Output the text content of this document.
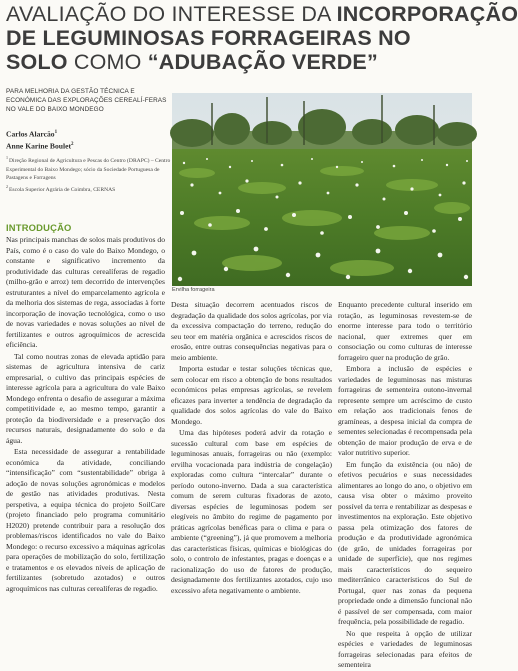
AVALIAÇÃO DO INTERESSE DA INCORPORAÇÃO
DE LEGUMINOSAS FORRAGEIRAS NO
SOLO COMO “ADUBAÇÃO VERDE”
PARA MELHORIA DA GESTÃO TÉCNICA E ECONÓMICA DAS EXPLORAÇÕES CEREALÍ-FERAS NO VALE DO BAIXO MONDEGO
Carlos Alarcão$^1$
Anne Karine Boulet$^2$
$^1$Direção Regional de Agricultura e Pescas do Centro (DRAPC) – Centro Experimental do Baixo Mondego; sócio da Sociedade Portuguesa de Pastagens e Forragens
$^2$Escola Superior Agrária de Coimbra, CERNAS
INTRODUÇÃO

Nas principais manchas de solos mais produtivos do País, como é o caso do vale do Baixo Mondego, o constante e significativo incremento da produtividade das culturas cerealíferas de regadio (milho-grão e arroz) tem decorrido de intervenções estruturantes a nível do emparcelamento agrícola e da melhoria dos sistemas de rega, associadas à forte incorporação de inovação tecnológica, como o uso de novas variedades e novas soluções ao nível de fertilizantes e outros agroquímicos de acrescida eficiência.

Tal como noutras zonas de elevada aptidão para sistemas de agricultura intensiva de cariz empresarial, o cultivo das principais espécies de interesse agrícola para a agricultura do vale Baixo Mondego enfrenta o desafio de assegurar a máxima competitividade e, ao mesmo tempo, garantir a proteção da biodiversidade e a preservação dos recursos naturais, designadamente do solo e da água.

Esta necessidade de assegurar a rentabilidade económica da atividade, conciliando “intensificação” com “sustentabilidade” obriga à adoção de novas soluções agronómicas e modelos de gestão nas atividades produtivas. Nesta perspetiva, a equipa técnica do projeto SoilCare (projeto financiado pelo programa comunitário H2020) pretende contribuir para a resolução dos problemas/riscos identificados no vale do Baixo Mondego: o recurso excessivo a máquinas agrícolas para operações de mobilização do solo, fertilização e tratamentos e os elevados níveis de aplicação de fertilizantes (sobretudo azotados) e outros agroquímicos nas culturas cerealíferas de regadio.

Ervilha forrageira

Desta situação decorrem acentuados riscos de degradação da qualidade dos solos agrícolas, por via da excessiva compactação do terreno, redução do seu teor em matéria orgânica e acrescidos riscos de erosão, entre outras consequências negativas para o meio ambiente.

Importa estudar e testar soluções técnicas que, sem colocar em risco a obtenção de bons resultados económicos pelas empresas agrícolas, se revelem eficazes para inverter a tendência de degradação da qualidade dos solos agrícolas do vale do Baixo Mondego.

Uma das hipóteses poderá advir da rotação e sucessão cultural com base em espécies de leguminosas anuais, forrageiras ou não (exemplo: ervilha vocacionada para indústria de congelação) exploradas como cultura “intercalar” durante o período outono-inverno. Dada a sua característica comum de serem culturas fixadoras de azoto, diversas espécies de leguminosas podem ser elegíveis no âmbito do regime de pagamento por práticas agrícolas benéficas para o clima e para o ambiente (“greening”), já que promovem a melhoria das características físicas, químicas e biológicas do solo, o controlo de infestantes, pragas e doenças e a racionalização do uso de fatores de produção, designadamente dos fertilizantes azotados, cujo uso excessivo afeta negativamente o ambiente.

Enquanto precedente cultural inserido em rotação, as leguminosas revestem-se de enorme interesse para todo o território nacional, quer extremes quer em consociação ou como culturas de interesse forrageiro quer na produção de grão.

Embora a inclusão de espécies e variedades de leguminosas nas misturas forrageiras de sementeira outono-invernal represente sempre um acréscimo de custo em relação aos tradicionais fenos de gramíneas, a despesa inicial da compra de sementes selecionadas é recompensada pela obtenção de maior produção de erva e de valor nutritivo superior.

Em função da existência (ou não) de efetivos pecuários e suas necessidades alimentares ao longo do ano, o objetivo em causa visa obter o máximo proveito possível da terra e rentabilizar as despesas e investimentos na exploração. Este objetivo passa pela otimização dos fatores de produção e da produtividade agronómica (de grão, de unidades forrageiras por unidade de superfície), que nos regimes mais característicos do sequeiro mediterrânico característicos do Sul de Portugal, quer nas zonas da pequena propriedade onde a dimensão funcional não é passível de ser compensada, com maior frequência, pela possibilidade de regadio.

No que respeita à opção de utilizar espécies e variedades de leguminosas forrageiras selecionadas para efeitos de sementeira
